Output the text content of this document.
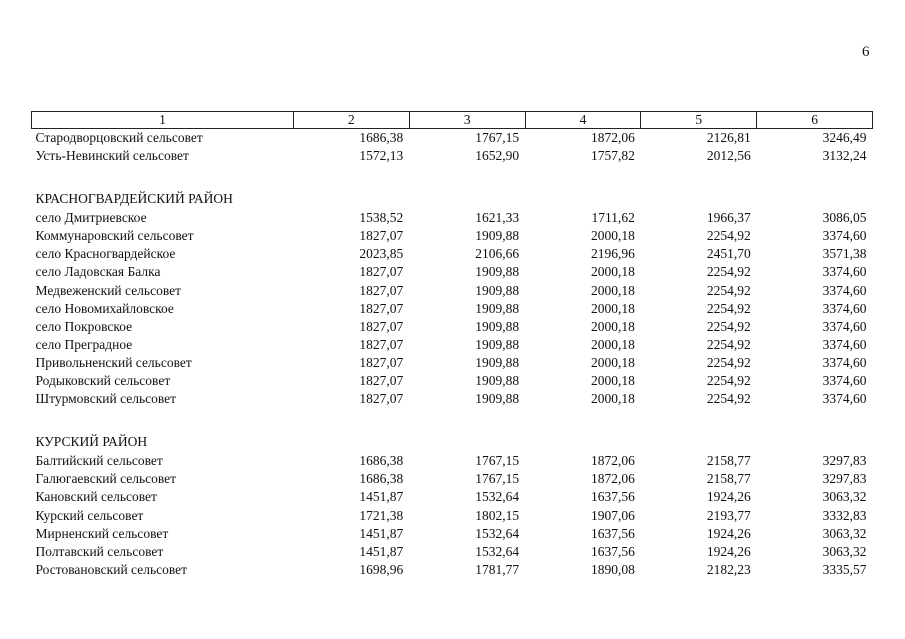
6
1	2	3	4	5	6
Стародворцовский сельсовет	1686,38	1767,15	1872,06	2126,81	3246,49
Усть-Невинский сельсовет	1572,13	1652,90	1757,82	2012,56	3132,24

КРАСНОГВАРДЕЙСКИЙ РАЙОН					
село Дмитриевское	1538,52	1621,33	1711,62	1966,37	3086,05
Коммунаровский сельсовет	1827,07	1909,88	2000,18	2254,92	3374,60
село Красногвардейское	2023,85	2106,66	2196,96	2451,70	3571,38
село Ладовская Балка	1827,07	1909,88	2000,18	2254,92	3374,60
Медвеженский сельсовет	1827,07	1909,88	2000,18	2254,92	3374,60
село Новомихайловское	1827,07	1909,88	2000,18	2254,92	3374,60
село Покровское	1827,07	1909,88	2000,18	2254,92	3374,60
село Преградное	1827,07	1909,88	2000,18	2254,92	3374,60
Привольненский сельсовет	1827,07	1909,88	2000,18	2254,92	3374,60
Родыковский сельсовет	1827,07	1909,88	2000,18	2254,92	3374,60
Штурмовский сельсовет	1827,07	1909,88	2000,18	2254,92	3374,60

КУРСКИЙ РАЙОН					
Балтийский сельсовет	1686,38	1767,15	1872,06	2158,77	3297,83
Галюгаевский сельсовет	1686,38	1767,15	1872,06	2158,77	3297,83
Кановский сельсовет	1451,87	1532,64	1637,56	1924,26	3063,32
Курский сельсовет	1721,38	1802,15	1907,06	2193,77	3332,83
Мирненский сельсовет	1451,87	1532,64	1637,56	1924,26	3063,32
Полтавский сельсовет	1451,87	1532,64	1637,56	1924,26	3063,32
Ростовановский сельсовет	1698,96	1781,77	1890,08	2182,23	3335,57
